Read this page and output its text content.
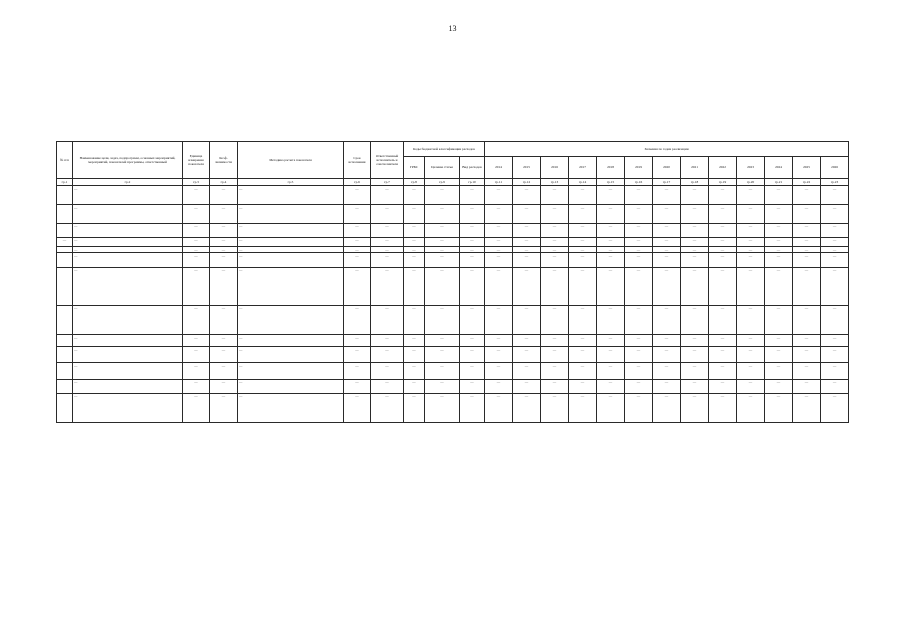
13
№ п/п	Наименование цели, задач, подпрограмм, основных мероприятий, мероприятий, показателей программы, ответственный	Единица измерения показателя	Коэф. значимости	Методика расчета показателя	Срок исполнения	Ответственный исполнитель и соисполнители	Коды бюджетной классификации расходов			Значения по годам реализации												
							ГРБС	Целевая статья	Вид расходов	2014	2015	2016	2017	2018	2019	2020	2021	2022	2023	2024	2025	2026
гр.1	гр.2	гр.3	гр.4	гр.5	гр.6	гр.7	гр.8	гр.9	гр.10	гр.11	гр.12	гр.13	гр.14	гр.15	гр.16	гр.17	гр.18	гр.19	гр.20	гр.21	гр.22	гр.23
	—	—	—	—	—	—	—	—	—	—	—	—	—	—	—	—	—	—	—	—	—	—
	—	—	—	—	—	—	—	—	—	—	—	—	—	—	—	—	—	—	—	—	—	—
	—	—	—	—	—	—	—	—	—	—	—	—	—	—	—	—	—	—	—	—	—	—
—	—	—	—	—	—	—	—	—	—	—	—	—	—	—	—	—	—	—	—	—	—	—
	—	—	—	—	—	—	—	—	—	—	—	—	—	—	—	—	—	—	—	—	—	—
	—	—	—	—	—	—	—	—	—	—	—	—	—	—	—	—	—	—	—	—	—	—
	—	—	—	—	—	—	—	—	—	—	—	—	—	—	—	—	—	—	—	—	—	—
	—	—	—	—	—	—	—	—	—	—	—	—	—	—	—	—	—	—	—	—	—	—
	—	—	—	—	—	—	—	—	—	—	—	—	—	—	—	—	—	—	—	—	—	—
	—	—	—	—	—	—	—	—	—	—	—	—	—	—	—	—	—	—	—	—	—	—
	—	—	—	—	—	—	—	—	—	—	—	—	—	—	—	—	—	—	—	—	—	—
	—	—	—	—	—	—	—	—	—	—	—	—	—	—	—	—	—	—	—	—	—	—
	—	—	—	—	—	—	—	—	—	—	—	—	—	—	—	—	—	—	—	—	—	—
